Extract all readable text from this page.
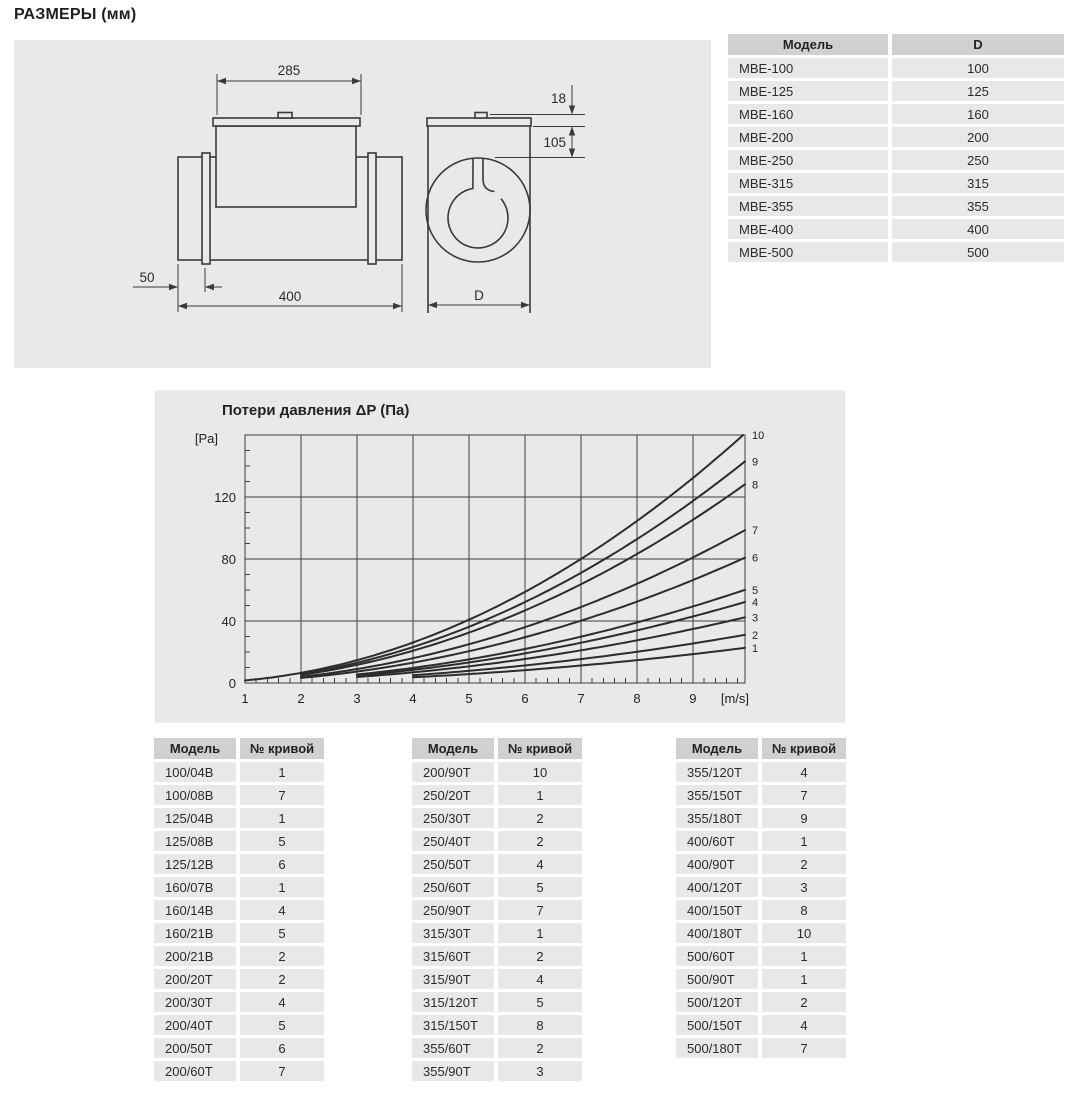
РАЗМЕРЫ (мм)
285
50
400	D
18
105
Модель	D
МВЕ-100	100
МВЕ-125	125
МВЕ-160	160
МВЕ-200	200
МВЕ-250	250
МВЕ-315	315
МВЕ-355	355
МВЕ-400	400
МВЕ-500	500
Потери давления ΔP (Па)
1	2	3	4	5	6	7	8	9 [m/s]
0
40
80
120
[Pa]
1
2
3
4
5
6
7
8
9
10
Модель	№ кривой
100/04В	1
100/08В	7
125/04В	1
125/08В	5
125/12В	6
160/07В	1
160/14В	4
160/21В	5
200/21В	2
200/20Т	2
200/30Т	4
200/40Т	5
200/50Т	6
200/60Т	7
Модель	№ кривой
200/90Т	10
250/20Т	1
250/30Т	2
250/40Т	2
250/50Т	4
250/60Т	5
250/90Т	7
315/30Т	1
315/60Т	2
315/90Т	4
315/120Т	5
315/150Т	8
355/60Т	2
355/90Т	3
Модель	№ кривой
355/120Т	4
355/150Т	7
355/180Т	9
400/60Т	1
400/90Т	2
400/120Т	3
400/150Т	8
400/180Т	10
500/60Т	1
500/90Т	1
500/120Т	2
500/150Т	4
500/180Т	7
